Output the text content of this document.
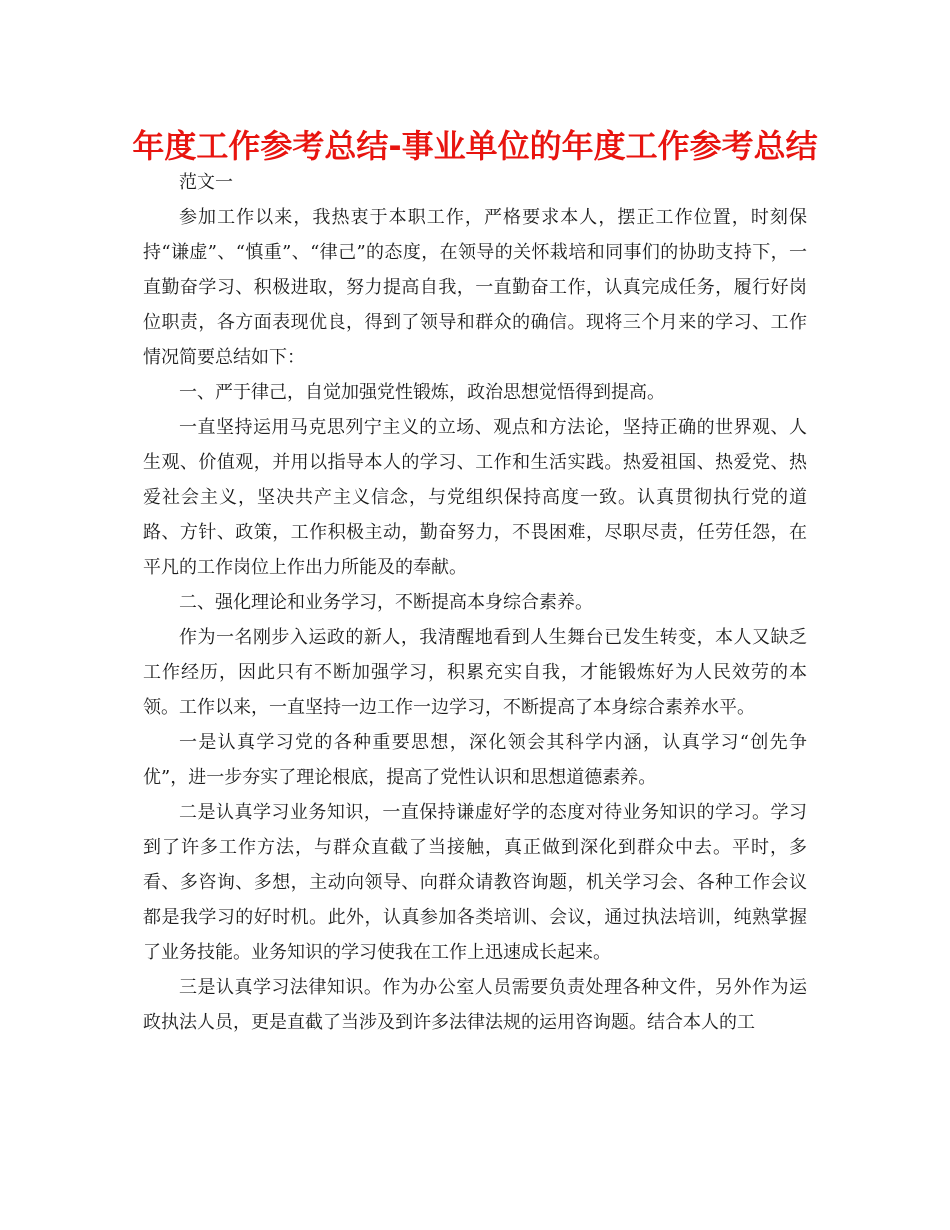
年度工作参考总结-事业单位的年度工作参考总结

范文一

参加工作以来，我热衷于本职工作，严格要求本人，摆正工作位置，时刻保持“谦虚”、“慎重”、“律己”的态度，在领导的关怀栽培和同事们的协助支持下，一直勤奋学习、积极进取，努力提高自我，一直勤奋工作，认真完成任务，履行好岗位职责，各方面表现优良，得到了领导和群众的确信。现将三个月来的学习、工作情况简要总结如下：

一、严于律己，自觉加强党性锻炼，政治思想觉悟得到提高。

一直坚持运用马克思列宁主义的立场、观点和方法论，坚持正确的世界观、人生观、价值观，并用以指导本人的学习、工作和生活实践。热爱祖国、热爱党、热爱社会主义，坚决共产主义信念，与党组织保持高度一致。认真贯彻执行党的道路、方针、政策，工作积极主动，勤奋努力，不畏困难，尽职尽责，任劳任怨，在平凡的工作岗位上作出力所能及的奉献。

二、强化理论和业务学习，不断提高本身综合素养。

作为一名刚步入运政的新人，我清醒地看到人生舞台已发生转变，本人又缺乏工作经历，因此只有不断加强学习，积累充实自我，才能锻炼好为人民效劳的本领。工作以来，一直坚持一边工作一边学习，不断提高了本身综合素养水平。

一是认真学习党的各种重要思想，深化领会其科学内涵，认真学习“创先争优”，进一步夯实了理论根底，提高了党性认识和思想道德素养。

二是认真学习业务知识，一直保持谦虚好学的态度对待业务知识的学习。学习到了许多工作方法，与群众直截了当接触，真正做到深化到群众中去。平时，多看、多咨询、多想，主动向领导、向群众请教咨询题，机关学习会、各种工作会议都是我学习的好时机。此外，认真参加各类培训、会议，通过执法培训，纯熟掌握了业务技能。业务知识的学习使我在工作上迅速成长起来。

三是认真学习法律知识。作为办公室人员需要负责处理各种文件，另外作为运政执法人员，更是直截了当涉及到许多法律法规的运用咨询题。结合本人的工
